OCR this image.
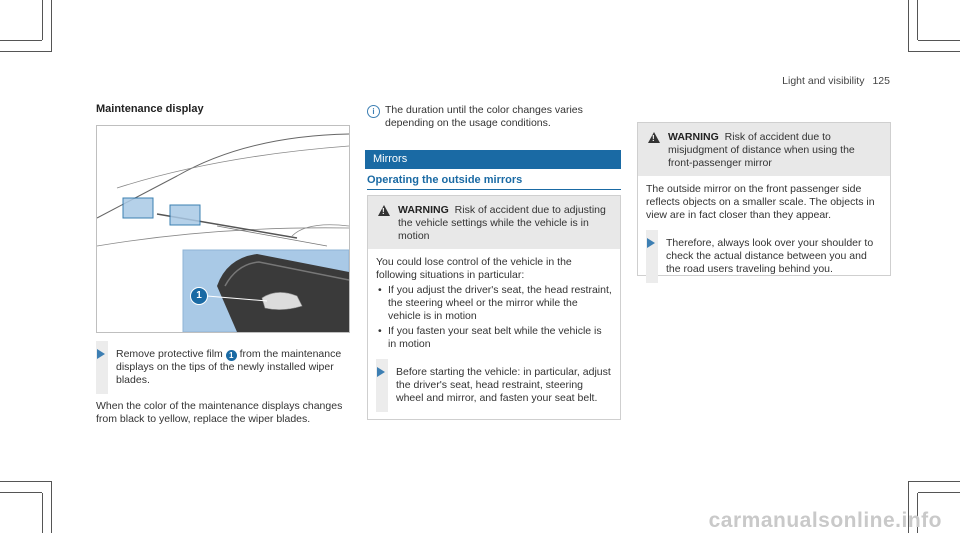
Light and visibility 125
Maintenance display
1
Remove protective film 1 from the maintenance displays on the tips of the newly installed wiper blades.
When the color of the maintenance displays changes from black to yellow, replace the wiper blades.
i The duration until the color changes varies depending on the usage conditions.
Mirrors
Operating the outside mirrors
! WARNING Risk of accident due to adjusting the vehicle settings while the vehicle is in motion
You could lose control of the vehicle in the following situations in particular:
• If you adjust the driver's seat, the head restraint, the steering wheel or the mirror while the vehicle is in motion
• If you fasten your seat belt while the vehicle is in motion
Before starting the vehicle: in particular, adjust the driver's seat, head restraint, steering wheel and mirror, and fasten your seat belt.
! WARNING Risk of accident due to misjudgment of distance when using the front-passenger mirror
The outside mirror on the front passenger side reflects objects on a smaller scale. The objects in view are in fact closer than they appear.
Therefore, always look over your shoulder to check the actual distance between you and the road users traveling behind you.
carmanualsonline.info
